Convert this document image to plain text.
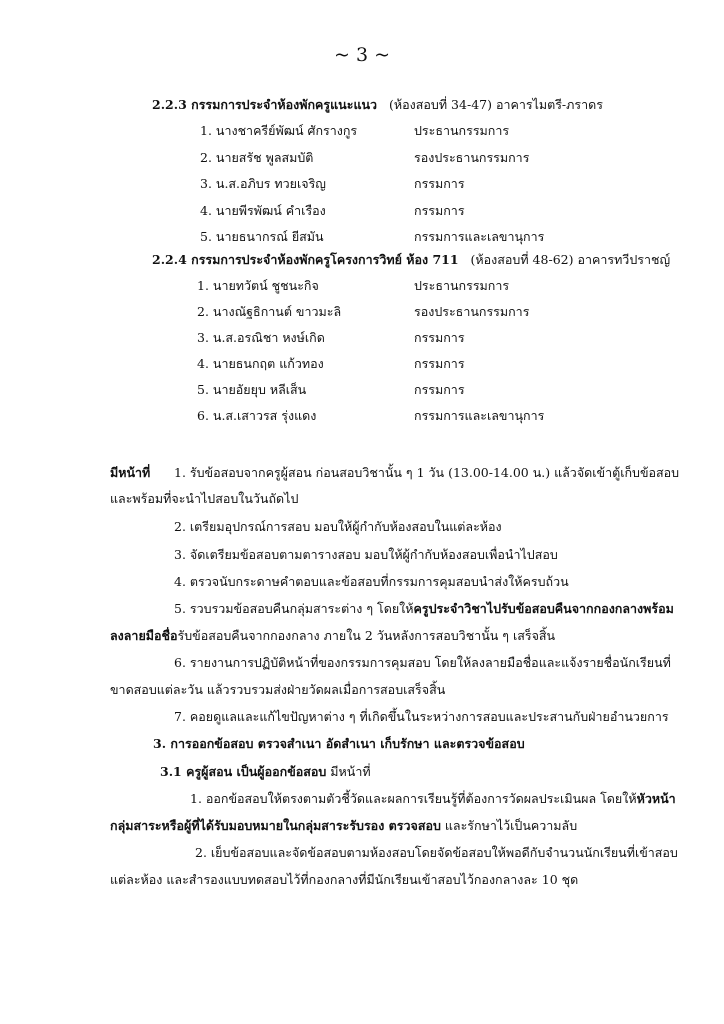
~ 3 ~
2.2.3 กรรมการประจำห้องพักครูแนะแนว (ห้องสอบที่ 34-47) อาคารไมตรี-ภราดร
1. นางชาครีย์พัฒน์ ศักรางกูร	ประธานกรรมการ
2. นายสรัช พูลสมบัติ	รองประธานกรรมการ
3. น.ส.อภิบร ทวยเจริญ	กรรมการ
4. นายพีรพัฒน์ คำเรือง	กรรมการ
5. นายธนากรณ์ ยีสมัน	กรรมการและเลขานุการ
2.2.4 กรรมการประจำห้องพักครูโครงการวิทย์ ห้อง 711 (ห้องสอบที่ 48-62) อาคารทวีปราชญ์
1. นายทวัตน์ ชูชนะกิจ	ประธานกรรมการ
2. นางณัฐธิกานต์ ขาวมะลิ	รองประธานกรรมการ
3. น.ส.อรณิชา หงษ์เกิด	กรรมการ
4. นายธนกฤต แก้วทอง	กรรมการ
5. นายอัยยุบ หลีเส็น	กรรมการ
6. น.ส.เสาวรส รุ่งแดง	กรรมการและเลขานุการ
มีหน้าที่ 1. รับข้อสอบจากครูผู้สอน ก่อนสอบวิชานั้น ๆ 1 วัน (13.00-14.00 น.) แล้วจัดเข้าตู้เก็บข้อสอบ
และพร้อมที่จะนำไปสอบในวันถัดไป
2. เตรียมอุปกรณ์การสอบ มอบให้ผู้กำกับห้องสอบในแต่ละห้อง
3. จัดเตรียมข้อสอบตามตารางสอบ มอบให้ผู้กำกับห้องสอบเพื่อนำไปสอบ
4. ตรวจนับกระดาษคำตอบและข้อสอบที่กรรมการคุมสอบนำส่งให้ครบถ้วน
5. รวบรวมข้อสอบคืนกลุ่มสาระต่าง ๆ โดยให้ครูประจำวิชาไปรับข้อสอบคืนจากกองกลางพร้อม
ลงลายมือชื่อรับข้อสอบคืนจากกองกลาง ภายใน 2 วันหลังการสอบวิชานั้น ๆ เสร็จสิ้น
6. รายงานการปฏิบัติหน้าที่ของกรรมการคุมสอบ โดยให้ลงลายมือชื่อและแจ้งรายชื่อนักเรียนที่
ขาดสอบแต่ละวัน แล้วรวบรวมส่งฝ่ายวัดผลเมื่อการสอบเสร็จสิ้น
7. คอยดูแลและแก้ไขปัญหาต่าง ๆ ที่เกิดขึ้นในระหว่างการสอบและประสานกับฝ่ายอำนวยการ
3. การออกข้อสอบ ตรวจสำเนา อัดสำเนา เก็บรักษา และตรวจข้อสอบ
3.1 ครูผู้สอน เป็นผู้ออกข้อสอบ มีหน้าที่
1. ออกข้อสอบให้ตรงตามตัวชี้วัดและผลการเรียนรู้ที่ต้องการวัดผลประเมินผล โดยให้หัวหน้า
กลุ่มสาระหรือผู้ที่ได้รับมอบหมายในกลุ่มสาระรับรอง ตรวจสอบ และรักษาไว้เป็นความลับ
2. เย็บข้อสอบและจัดข้อสอบตามห้องสอบโดยจัดข้อสอบให้พอดีกับจำนวนนักเรียนที่เข้าสอบ
แต่ละห้อง และสำรองแบบทดสอบไว้ที่กองกลางที่มีนักเรียนเข้าสอบไว้กองกลางละ 10 ชุด
